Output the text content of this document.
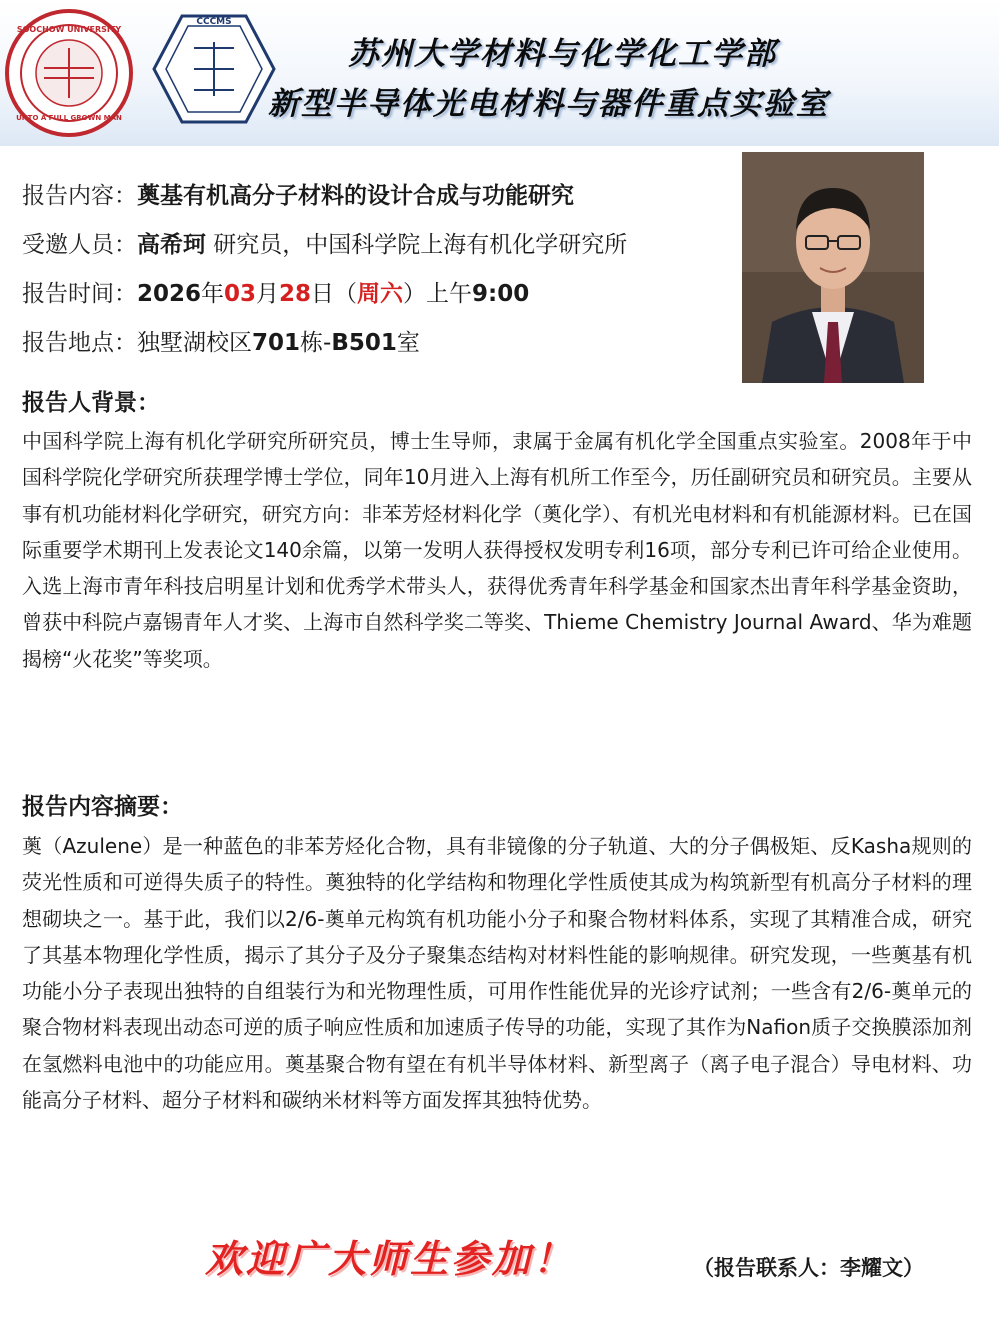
UNTO A FULL GROWN MAN
SOOCHOW UNIVERSITY
CCCMS
苏州大学材料与化学化工学部
新型半导体光电材料与器件重点实验室
报告内容：薁基有机高分子材料的设计合成与功能研究
受邀人员：高希珂 研究员，中国科学院上海有机化学研究所
报告时间：2026年03月28日（周六）上午9:00
报告地点：独墅湖校区701栋-B501室
报告人背景：
中国科学院上海有机化学研究所研究员，博士生导师，隶属于金属有机化学全国重点实验室。2008年于中国科学院化学研究所获理学博士学位，同年10月进入上海有机所工作至今，历任副研究员和研究员。主要从事有机功能材料化学研究，研究方向：非苯芳烃材料化学（薁化学）、有机光电材料和有机能源材料。已在国际重要学术期刊上发表论文140余篇，以第一发明人获得授权发明专利16项，部分专利已许可给企业使用。入选上海市青年科技启明星计划和优秀学术带头人，获得优秀青年科学基金和国家杰出青年科学基金资助，曾获中科院卢嘉锡青年人才奖、上海市自然科学奖二等奖、Thieme Chemistry Journal Award、华为难题揭榜“火花奖”等奖项。
报告内容摘要：
薁（Azulene）是一种蓝色的非苯芳烃化合物，具有非镜像的分子轨道、大的分子偶极矩、反Kasha规则的荧光性质和可逆得失质子的特性。薁独特的化学结构和物理化学性质使其成为构筑新型有机高分子材料的理想砌块之一。基于此，我们以2/6-薁单元构筑有机功能小分子和聚合物材料体系，实现了其精准合成，研究了其基本物理化学性质，揭示了其分子及分子聚集态结构对材料性能的影响规律。研究发现，一些薁基有机功能小分子表现出独特的自组装行为和光物理性质，可用作性能优异的光诊疗试剂；一些含有2/6-薁单元的聚合物材料表现出动态可逆的质子响应性质和加速质子传导的功能，实现了其作为Nafion质子交换膜添加剂在氢燃料电池中的功能应用。薁基聚合物有望在有机半导体材料、新型离子（离子电子混合）导电材料、功能高分子材料、超分子材料和碳纳米材料等方面发挥其独特优势。
欢迎广大师生参加！	（报告联系人：李耀文）
